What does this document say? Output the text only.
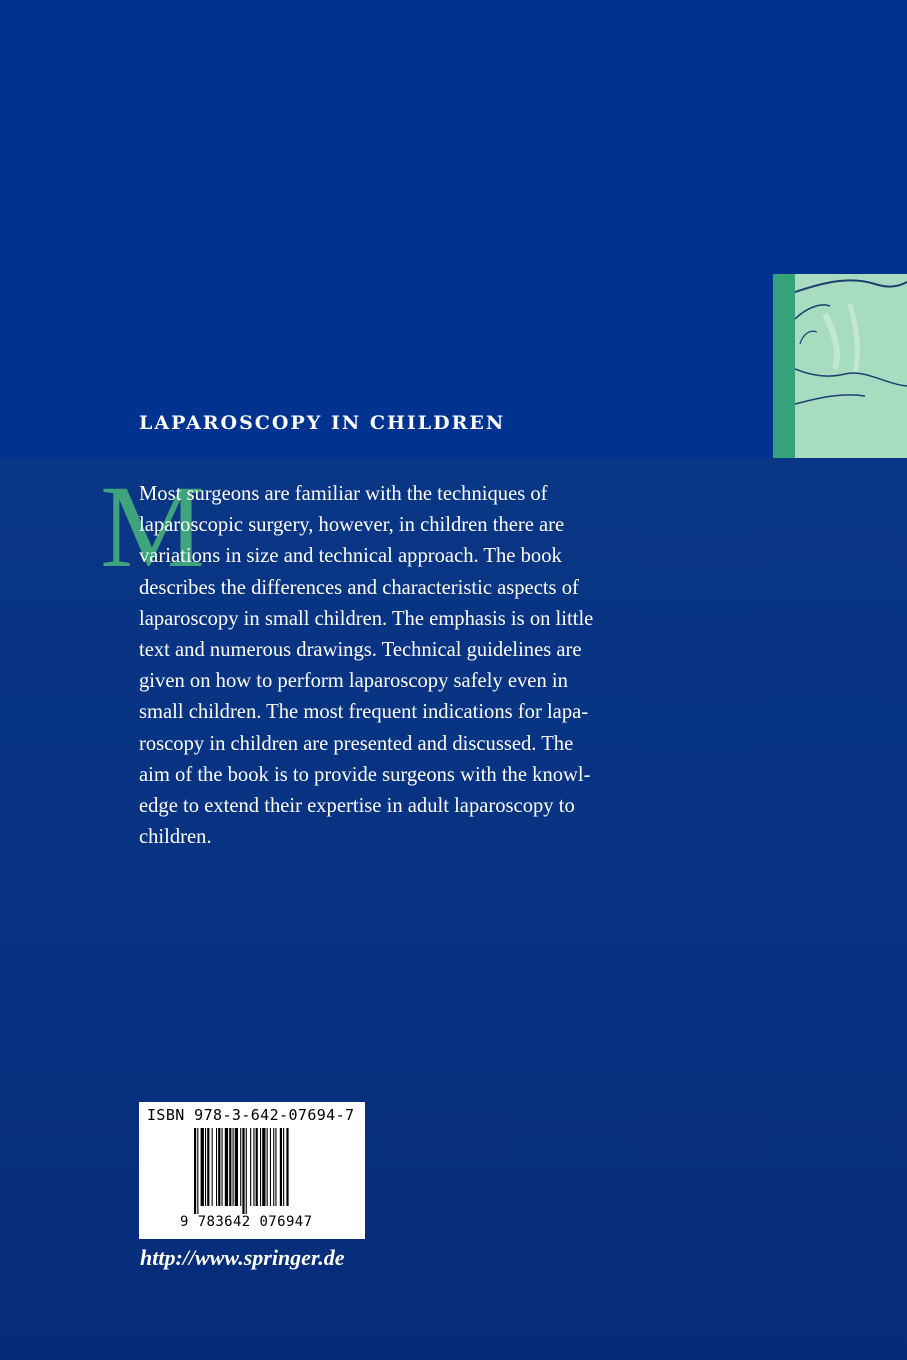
LAPAROSCOPY IN CHILDREN
M

Most surgeons are familiar with the techniques of
laparoscopic surgery, however, in children there are
variations in size and technical approach. The book
describes the differences and characteristic aspects of
laparoscopy in small children. The emphasis is on little
text and numerous drawings. Technical guidelines are
given on how to perform laparoscopy safely even in
small children. The most frequent indications for lapa-
roscopy in children are presented and discussed. The
aim of the book is to provide surgeons with the knowl-
edge to extend their expertise in adult laparoscopy to
children.

ISBN 978-3-642-07694-7

9 783642 076947

http://www.springer.de
